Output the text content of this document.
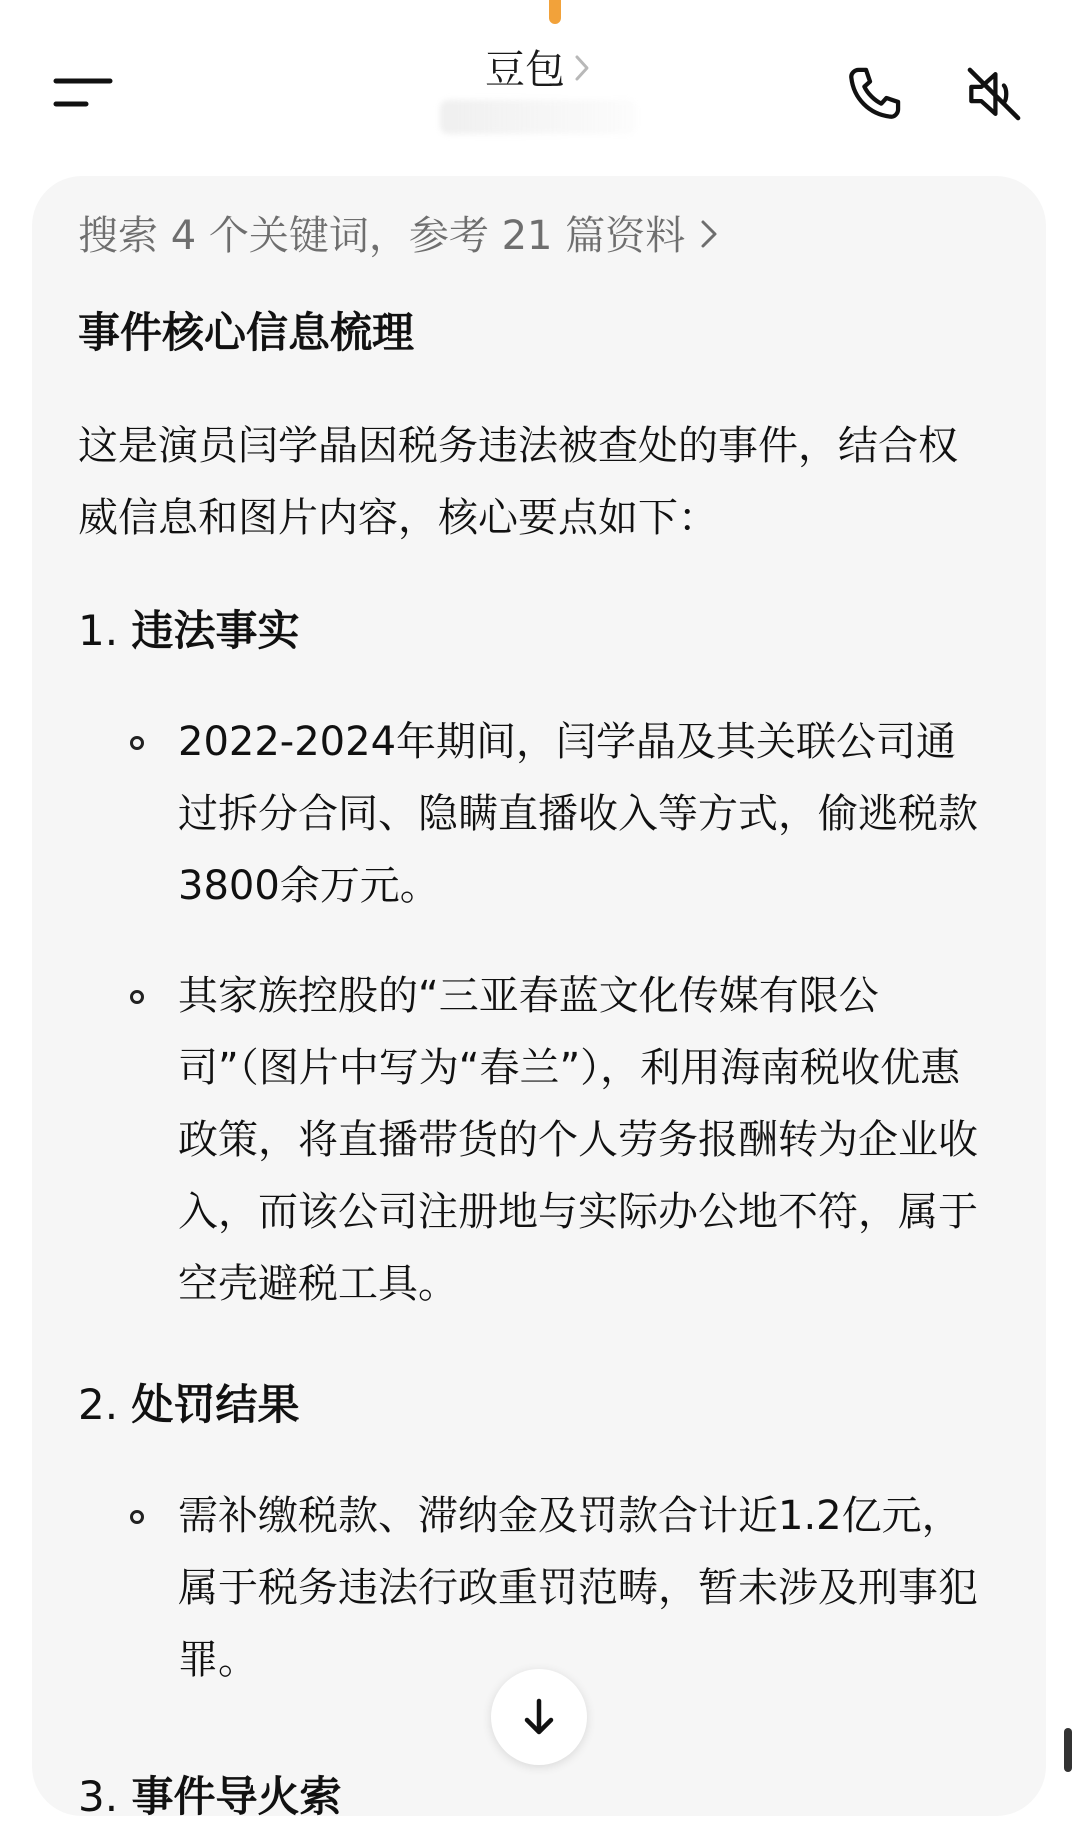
豆包
搜索 4 个关键词，参考 21 篇资料
事件核心信息梳理

这是演员闫学晶因税务违法被查处的事件，结合权威信息和图片内容，核心要点如下：

1. 违法事实
2022-2024年期间，闫学晶及其关联公司通过拆分合同、隐瞒直播收入等方式，偷逃税款3800余万元。
其家族控股的“三亚春蓝文化传媒有限公司”（图片中写为“春兰”），利用海南税收优惠政策，将直播带货的个人劳务报酬转为企业收入，而该公司注册地与实际办公地不符，属于空壳避税工具。
2. 处罚结果
需补缴税款、滞纳金及罚款合计近1.2亿元，属于税务违法行政重罚范畴，暂未涉及刑事犯罪。
3. 事件导火索
